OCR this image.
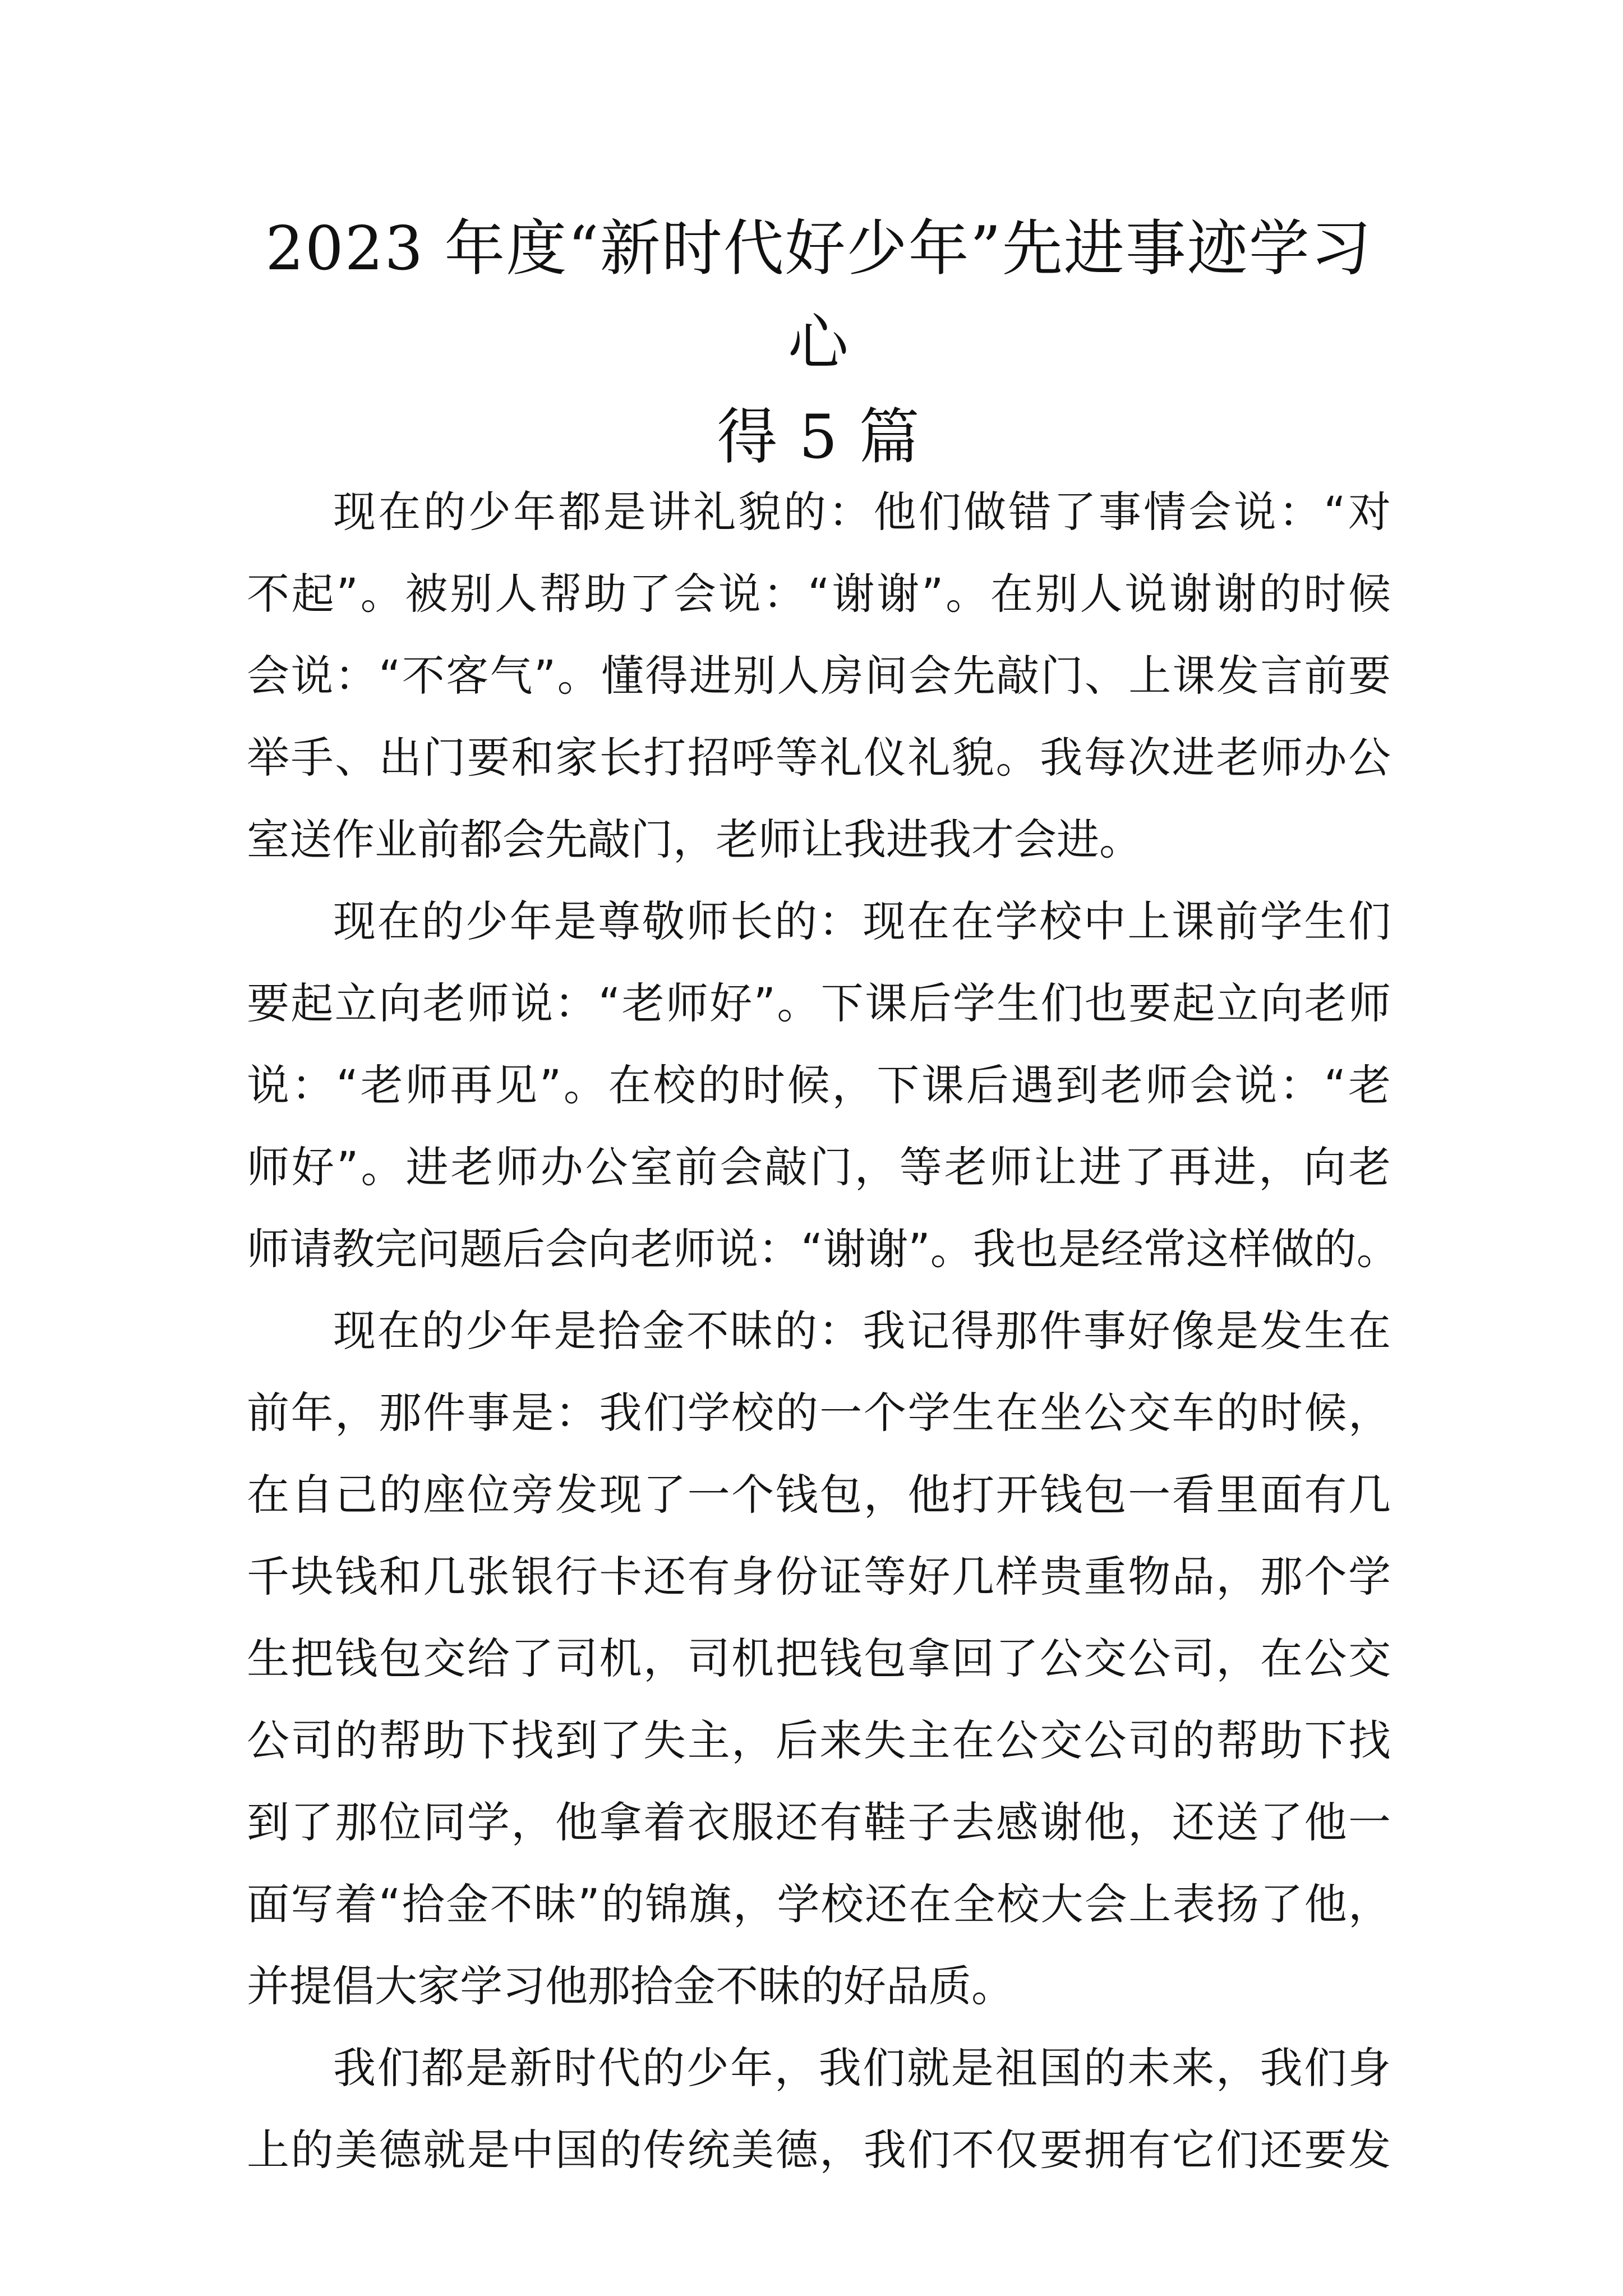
2023 年度“新时代好少年”先进事迹学习心
得 5 篇
现在的少年都是讲礼貌的：他们做错了事情会说：“对
不起”。被别人帮助了会说：“谢谢”。在别人说谢谢的时候
会说：“不客气”。懂得进别人房间会先敲门、上课发言前要
举手、出门要和家长打招呼等礼仪礼貌。我每次进老师办公
室送作业前都会先敲门，老师让我进我才会进。
现在的少年是尊敬师长的：现在在学校中上课前学生们
要起立向老师说：“老师好”。下课后学生们也要起立向老师
说：“老师再见”。在校的时候，下课后遇到老师会说：“老
师好”。进老师办公室前会敲门，等老师让进了再进，向老
师请教完问题后会向老师说：“谢谢”。我也是经常这样做的。
现在的少年是拾金不昧的：我记得那件事好像是发生在
前年，那件事是：我们学校的一个学生在坐公交车的时候，
在自己的座位旁发现了一个钱包，他打开钱包一看里面有几
千块钱和几张银行卡还有身份证等好几样贵重物品，那个学
生把钱包交给了司机，司机把钱包拿回了公交公司，在公交
公司的帮助下找到了失主，后来失主在公交公司的帮助下找
到了那位同学，他拿着衣服还有鞋子去感谢他，还送了他一
面写着“拾金不昧”的锦旗，学校还在全校大会上表扬了他，
并提倡大家学习他那拾金不昧的好品质。
我们都是新时代的少年，我们就是祖国的未来，我们身
上的美德就是中国的传统美德，我们不仅要拥有它们还要发
